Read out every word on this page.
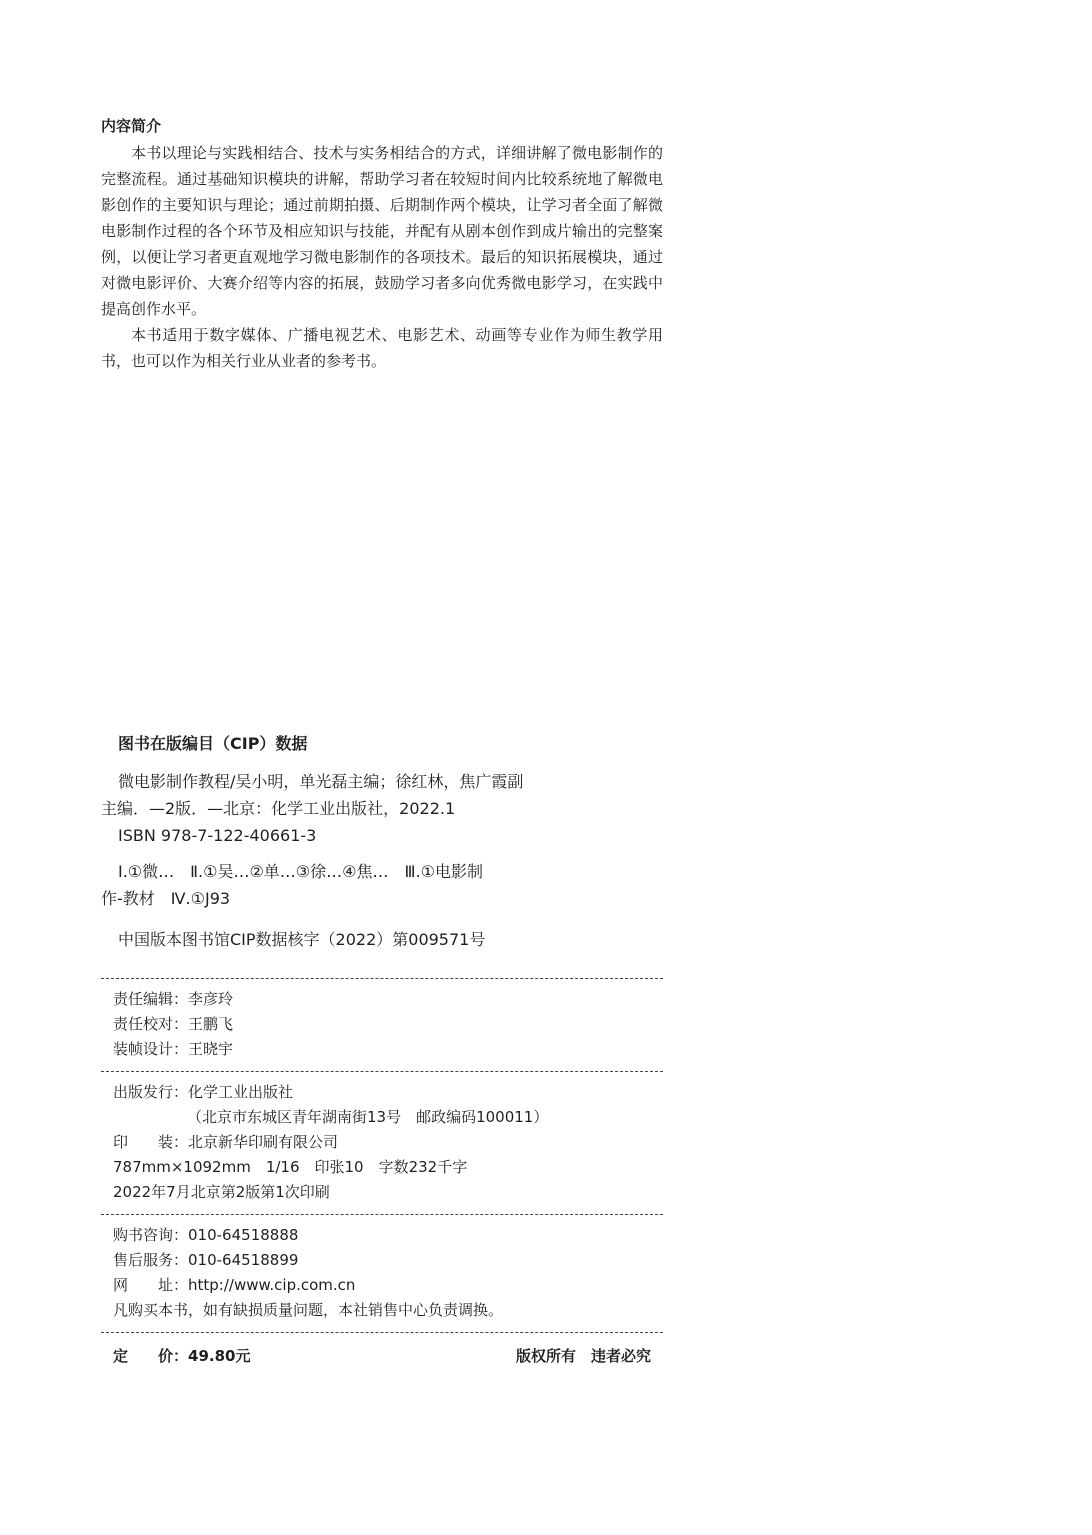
内容简介

本书以理论与实践相结合、技术与实务相结合的方式，详细讲解了微电影制作的完整流程。通过基础知识模块的讲解，帮助学习者在较短时间内比较系统地了解微电影创作的主要知识与理论；通过前期拍摄、后期制作两个模块，让学习者全面了解微电影制作过程的各个环节及相应知识与技能，并配有从剧本创作到成片输出的完整案例，以便让学习者更直观地学习微电影制作的各项技术。最后的知识拓展模块，通过对微电影评价、大赛介绍等内容的拓展，鼓励学习者多向优秀微电影学习，在实践中提高创作水平。

本书适用于数字媒体、广播电视艺术、电影艺术、动画等专业作为师生教学用书，也可以作为相关行业从业者的参考书。

图书在版编目（CIP）数据
微电影制作教程/吴小明，单光磊主编；徐红林，焦广霞副
主编．—2版．—北京：化学工业出版社，2022.1
ISBN 978-7-122-40661-3
Ⅰ.①微…　Ⅱ.①吴…②单…③徐…④焦…　Ⅲ.①电影制
作-教材　Ⅳ.①J93
中国版本图书馆CIP数据核字（2022）第009571号
责任编辑：李彦玲
责任校对：王鹏飞
装帧设计：王晓宇
出版发行：化学工业出版社
（北京市东城区青年湖南街13号　邮政编码100011）
印　　装：北京新华印刷有限公司
787mm×1092mm　1/16　印张10　字数232千字
2022年7月北京第2版第1次印刷
购书咨询：010-64518888
售后服务：010-64518899
网　　址：http://www.cip.com.cn
凡购买本书，如有缺损质量问题，本社销售中心负责调换。
定　　价：49.80元	版权所有　违者必究
